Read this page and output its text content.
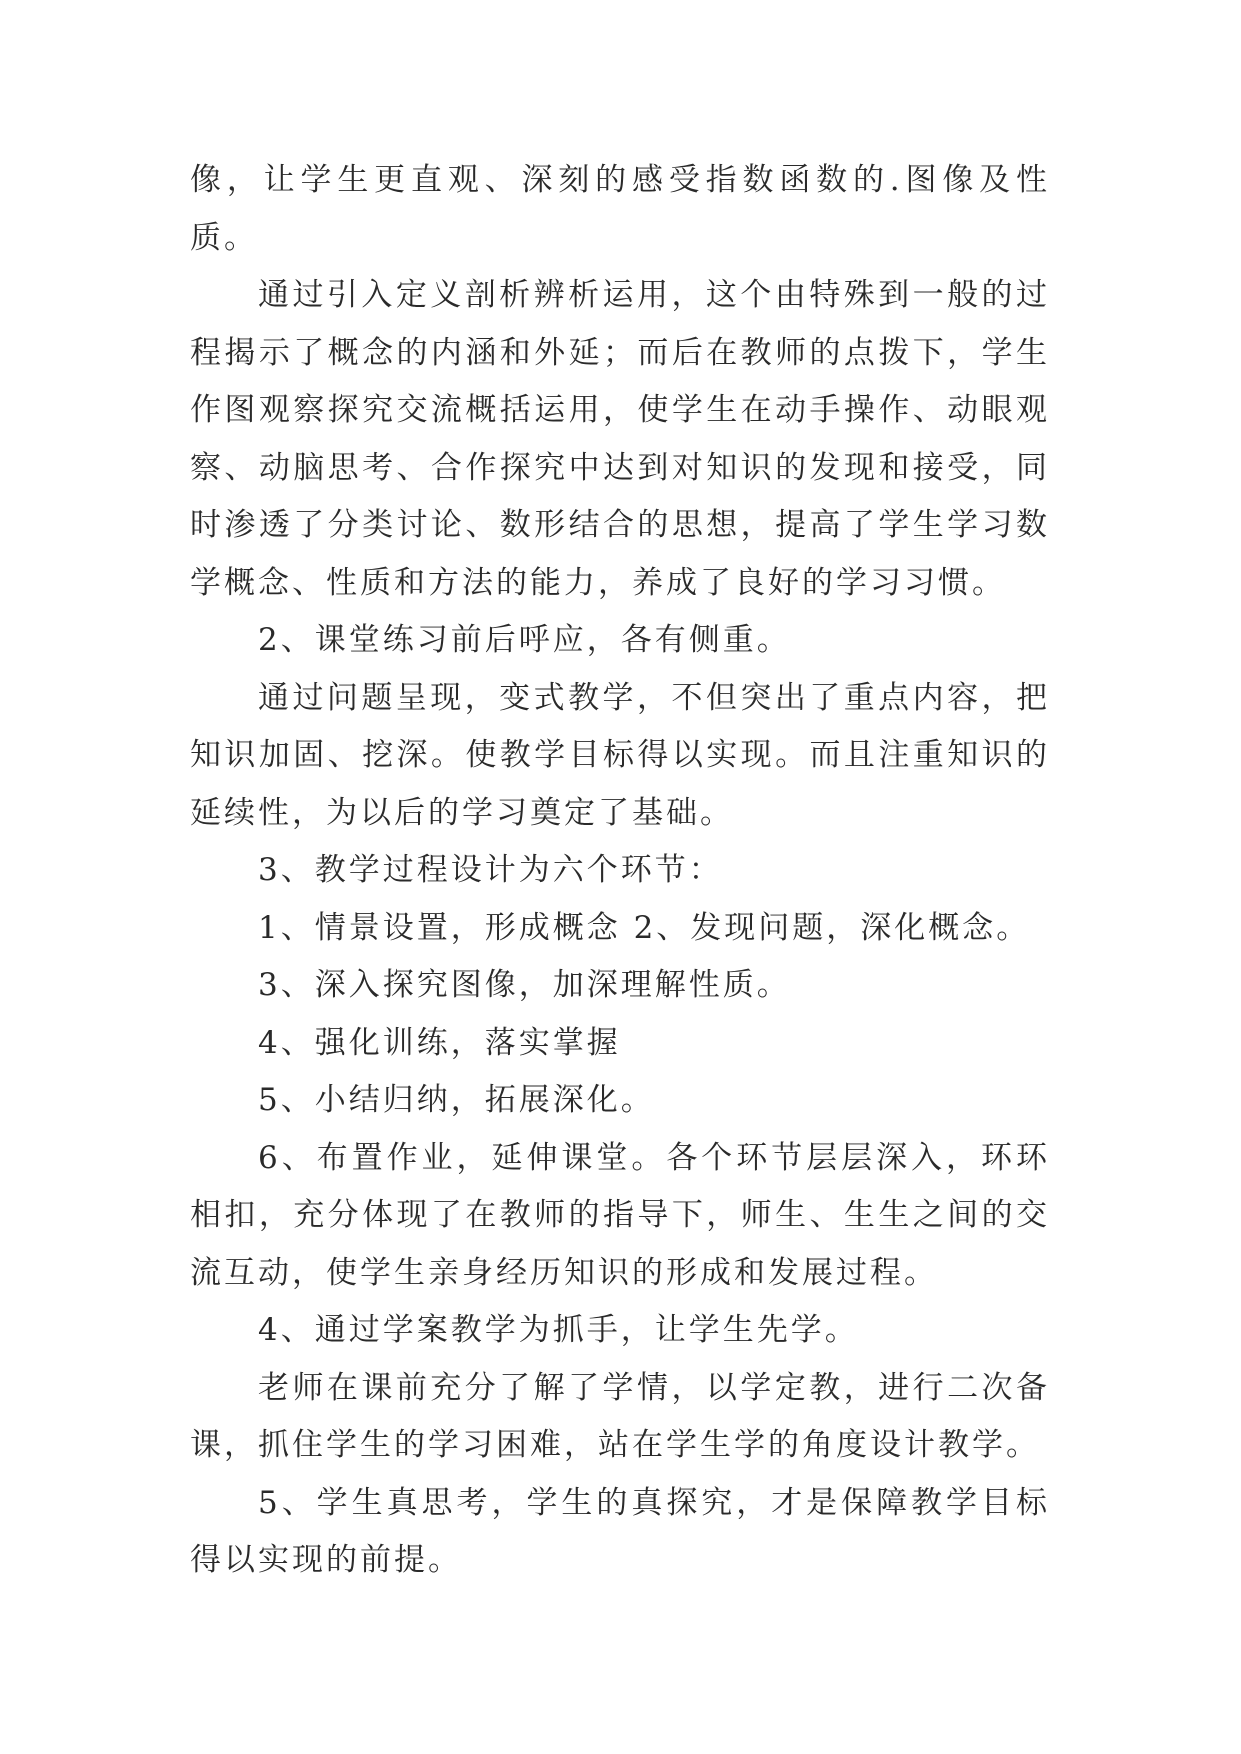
像，让学生更直观、深刻的感受指数函数的.图像及性质。

通过引入定义剖析辨析运用，这个由特殊到一般的过程揭示了概念的内涵和外延；而后在教师的点拨下，学生作图观察探究交流概括运用，使学生在动手操作、动眼观察、动脑思考、合作探究中达到对知识的发现和接受，同时渗透了分类讨论、数形结合的思想，提高了学生学习数学概念、性质和方法的能力，养成了良好的学习习惯。

2、课堂练习前后呼应，各有侧重。

通过问题呈现，变式教学，不但突出了重点内容，把知识加固、挖深。使教学目标得以实现。而且注重知识的延续性，为以后的学习奠定了基础。

3、教学过程设计为六个环节：

1、情景设置，形成概念 2、发现问题，深化概念。

3、深入探究图像，加深理解性质。

4、强化训练，落实掌握

5、小结归纳，拓展深化。

6、布置作业，延伸课堂。各个环节层层深入，环环相扣，充分体现了在教师的指导下，师生、生生之间的交流互动，使学生亲身经历知识的形成和发展过程。

4、通过学案教学为抓手，让学生先学。

老师在课前充分了解了学情，以学定教，进行二次备课，抓住学生的学习困难，站在学生学的角度设计教学。

5、学生真思考，学生的真探究，才是保障教学目标得以实现的前提。
